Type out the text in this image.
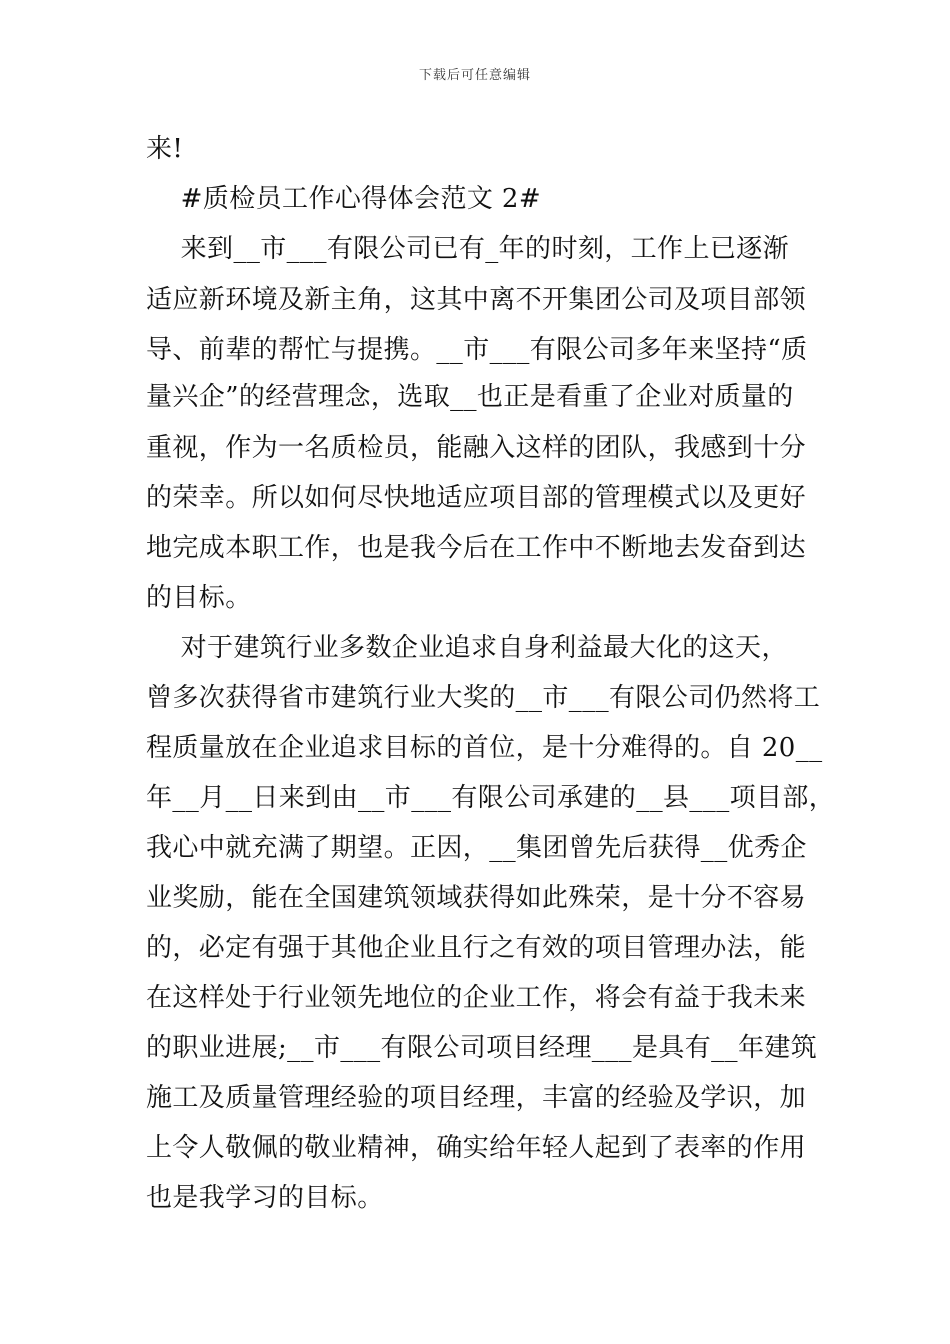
下载后可任意编辑
来!
#质检员工作心得体会范文 2#
来到__市___有限公司已有_年的时刻，工作上已逐渐
适应新环境及新主角，这其中离不开集团公司及项目部领
导、前辈的帮忙与提携。__市___有限公司多年来坚持“质
量兴企”的经营理念，选取__也正是看重了企业对质量的
重视，作为一名质检员，能融入这样的团队，我感到十分
的荣幸。所以如何尽快地适应项目部的管理模式以及更好
地完成本职工作，也是我今后在工作中不断地去发奋到达
的目标。
对于建筑行业多数企业追求自身利益最大化的这天，
曾多次获得省市建筑行业大奖的__市___有限公司仍然将工
程质量放在企业追求目标的首位，是十分难得的。自 20__
年__月__日来到由__市___有限公司承建的__县___项目部，
我心中就充满了期望。正因，__集团曾先后获得__优秀企
业奖励，能在全国建筑领域获得如此殊荣，是十分不容易
的，必定有强于其他企业且行之有效的项目管理办法，能
在这样处于行业领先地位的企业工作，将会有益于我未来
的职业进展;__市___有限公司项目经理___是具有__年建筑
施工及质量管理经验的项目经理，丰富的经验及学识，加
上令人敬佩的敬业精神，确实给年轻人起到了表率的作用
也是我学习的目标。
